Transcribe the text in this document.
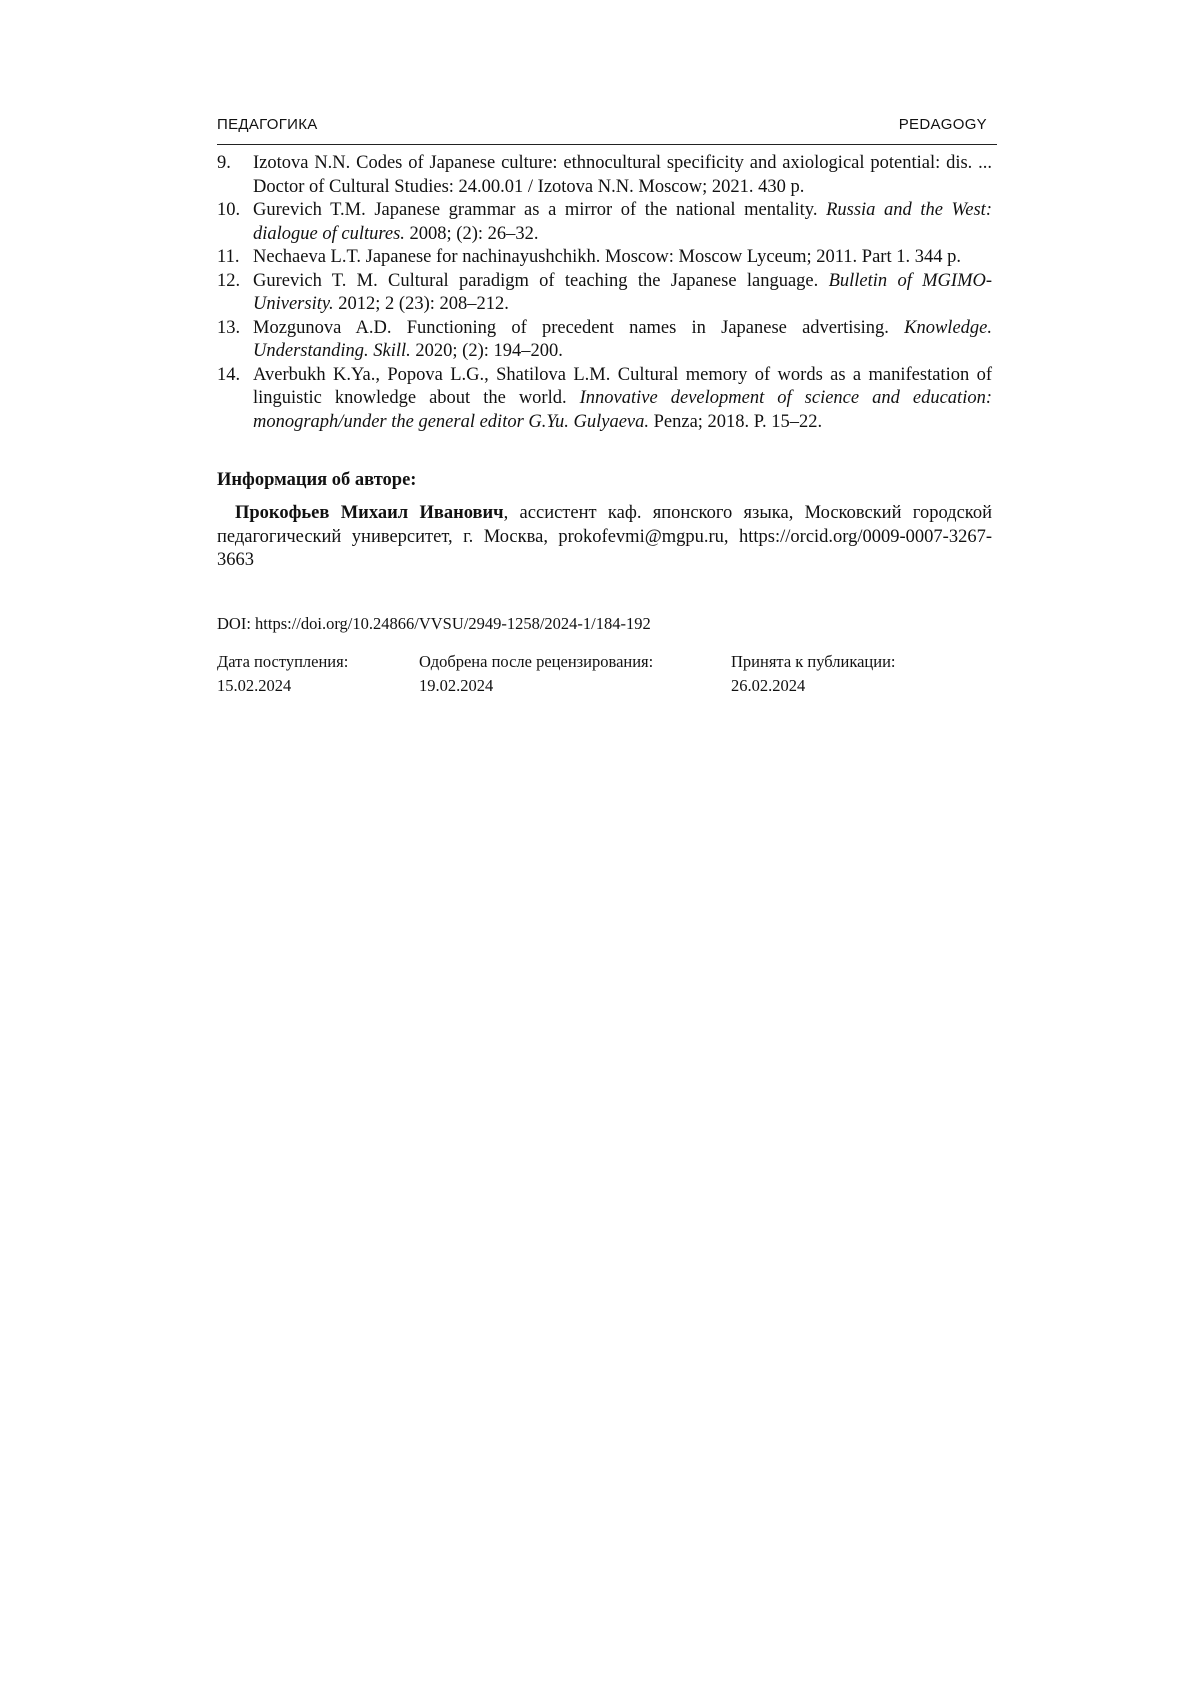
ПЕДАГОГИКА	PEDAGOGY
9.	Izotova N.N. Codes of Japanese culture: ethnocultural specificity and axiological potential: dis. ... Doctor of Cultural Studies: 24.00.01 / Izotova N.N. Moscow; 2021. 430 p.
10. Gurevich T.M. Japanese grammar as a mirror of the national mentality. Russia and the West: dialogue of cultures. 2008; (2): 26–32.
11. Nechaeva L.T. Japanese for nachinayushchikh. Moscow: Moscow Lyceum; 2011. Part 1. 344 p.
12. Gurevich T. M. Cultural paradigm of teaching the Japanese language. Bulletin of MGIMO-University. 2012; 2 (23): 208–212.
13. Mozgunova A.D. Functioning of precedent names in Japanese advertising. Knowledge. Understanding. Skill. 2020; (2): 194–200.
14. Averbukh K.Ya., Popova L.G., Shatilova L.M. Cultural memory of words as a manifestation of linguistic knowledge about the world. Innovative development of science and education: monograph/under the general editor G.Yu. Gulyaeva. Penza; 2018. P. 15–22.
Информация об авторе:
Прокофьев Михаил Иванович, ассистент каф. японского языка, Московский городской педагогический университет, г. Москва, prokofevmi@mgpu.ru, https://orcid.org/0009-0007-3267-3663
DOI: https://doi.org/10.24866/VVSU/2949-1258/2024-1/184-192
Дата поступления:
15.02.2024
Одобрена после рецензирования:
19.02.2024
Принята к публикации:
26.02.2024
